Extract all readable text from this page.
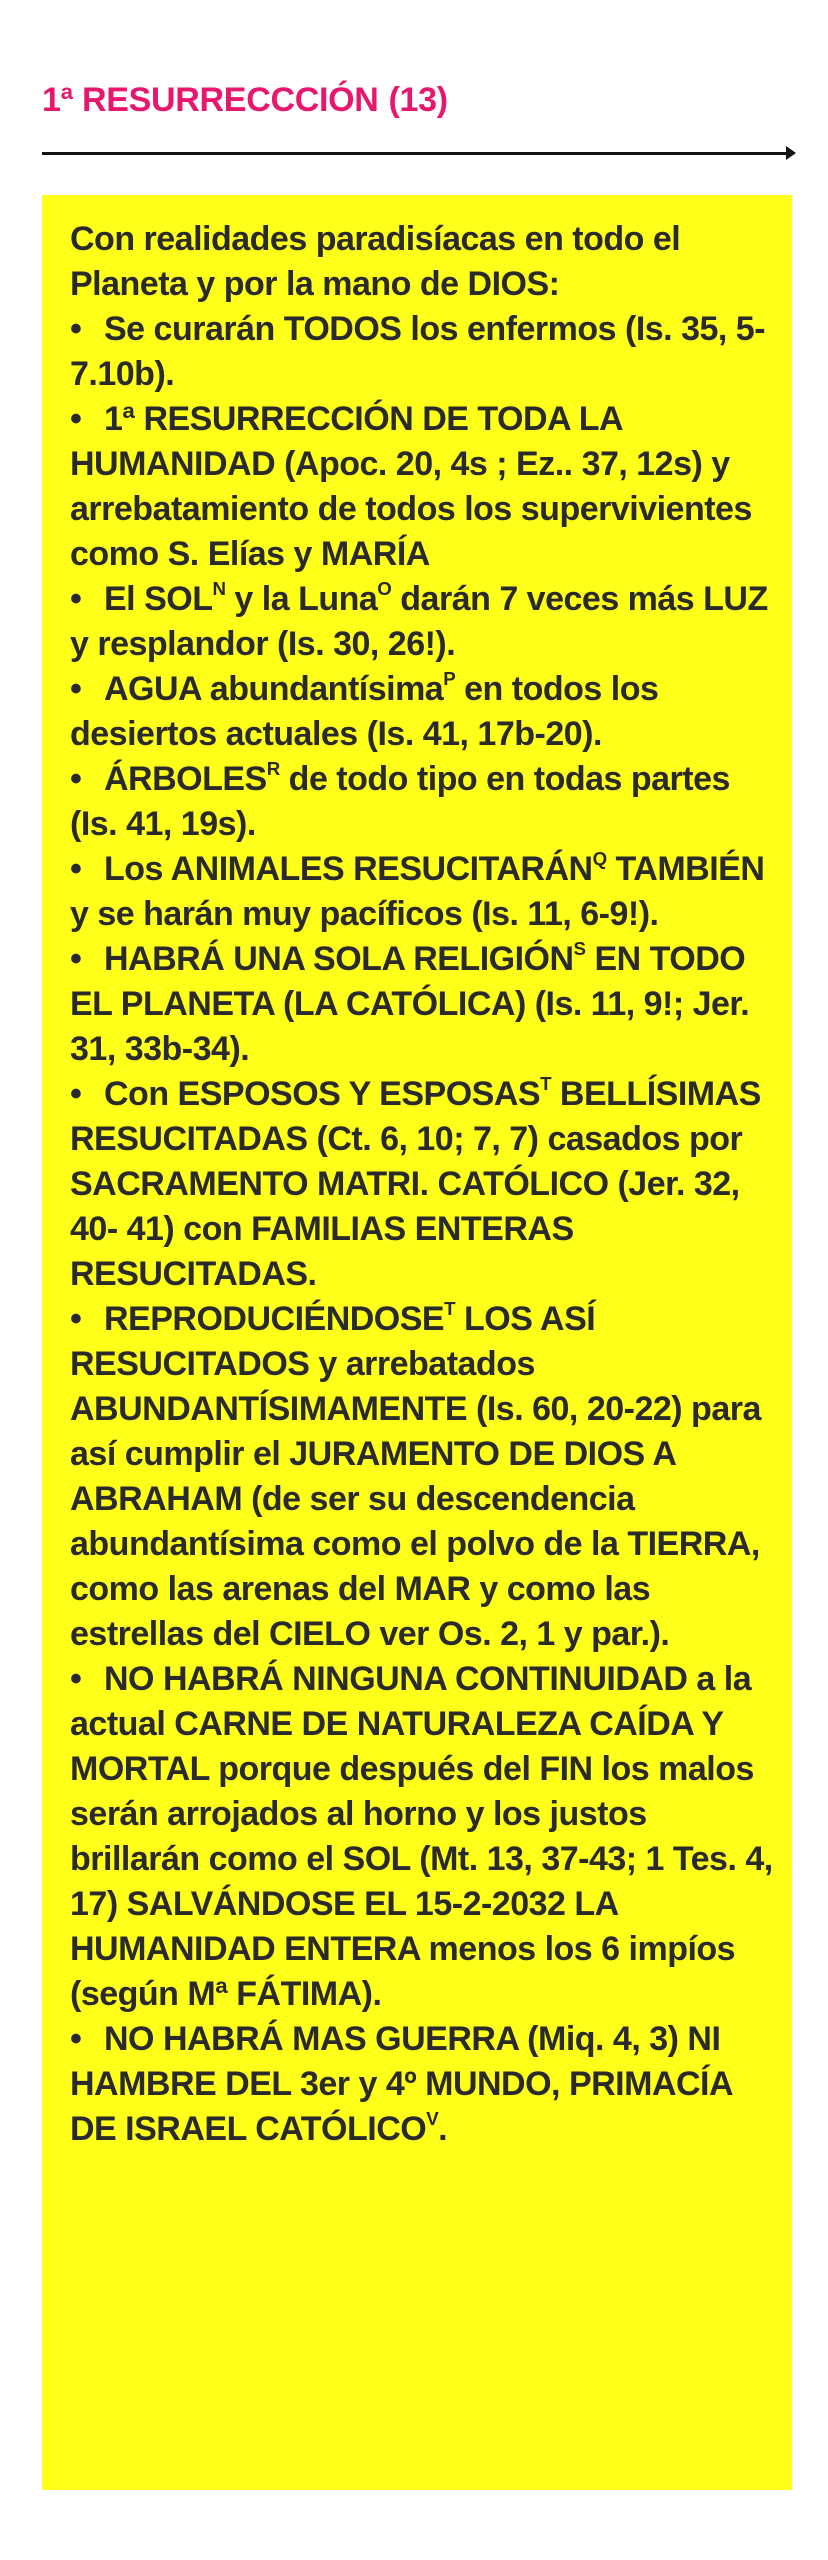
1ª RESURRECCCIÓN (13)

Con realidades paradisíacas en todo el Planeta y por la mano de DIOS:

• Se curarán TODOS los enfermos (Is. 35, 5-7.10b).

• 1ª RESURRECCIÓN DE TODA LA HUMANIDAD (Apoc. 20, 4s ; Ez.. 37, 12s) y arrebatamiento de todos los supervivientes como S. Elías y MARÍA

• El $SOL^N$ y la Luna$^O$ darán 7 veces más LUZ y resplandor (Is. 30, 26!).

• AGUA abundantísima$^P$ en todos los desiertos actuales (Is. 41, 17b-20).

• $ÁRBOLES^R$ de todo tipo en todas partes (Is. 41, 19s).

• Los ANIMALES $RESUCITARÁN^Q$ TAMBIÉN y se harán muy pacíficos (Is. 11, 6-9!).

• HABRÁ UNA SOLA $RELIGIÓN^S$ EN TODO EL PLANETA (LA CATÓLICA) (Is. 11, 9!; Jer. 31, 33b-34).

• Con ESPOSOS Y $ESPOSAS^T$ BELLÍSIMAS RESUCITADAS (Ct. 6, 10; 7, 7) casados por SACRAMENTO MATRI. CATÓLICO (Jer. 32, 40- 41) con FAMILIAS ENTERAS RESUCITADAS.

• $REPRODUCIÉNDOSE^T$ LOS ASÍ RESUCITADOS y arrebatados ABUNDANTÍSIMAMENTE (Is. 60, 20-22) para así cumplir el JURAMENTO DE DIOS A ABRAHAM (de ser su descendencia abundantísima como el polvo de la TIERRA, como las arenas del MAR y como las estrellas del CIELO ver Os. 2, 1 y par.).

• NO HABRÁ NINGUNA CONTINUIDAD a la actual CARNE DE NATURALEZA CAÍDA Y MORTAL porque después del FIN los malos serán arrojados al horno y los justos brillarán como el SOL (Mt. 13, 37-43; 1 Tes. 4, 17) SALVÁNDOSE EL 15-2-2032 LA HUMANIDAD ENTERA menos los 6 impíos (según Mª FÁTIMA).

• NO HABRÁ MAS GUERRA (Miq. 4, 3) NI HAMBRE DEL 3er y 4º MUNDO, PRIMACÍA DE ISRAEL $CATÓLICO^V$.
